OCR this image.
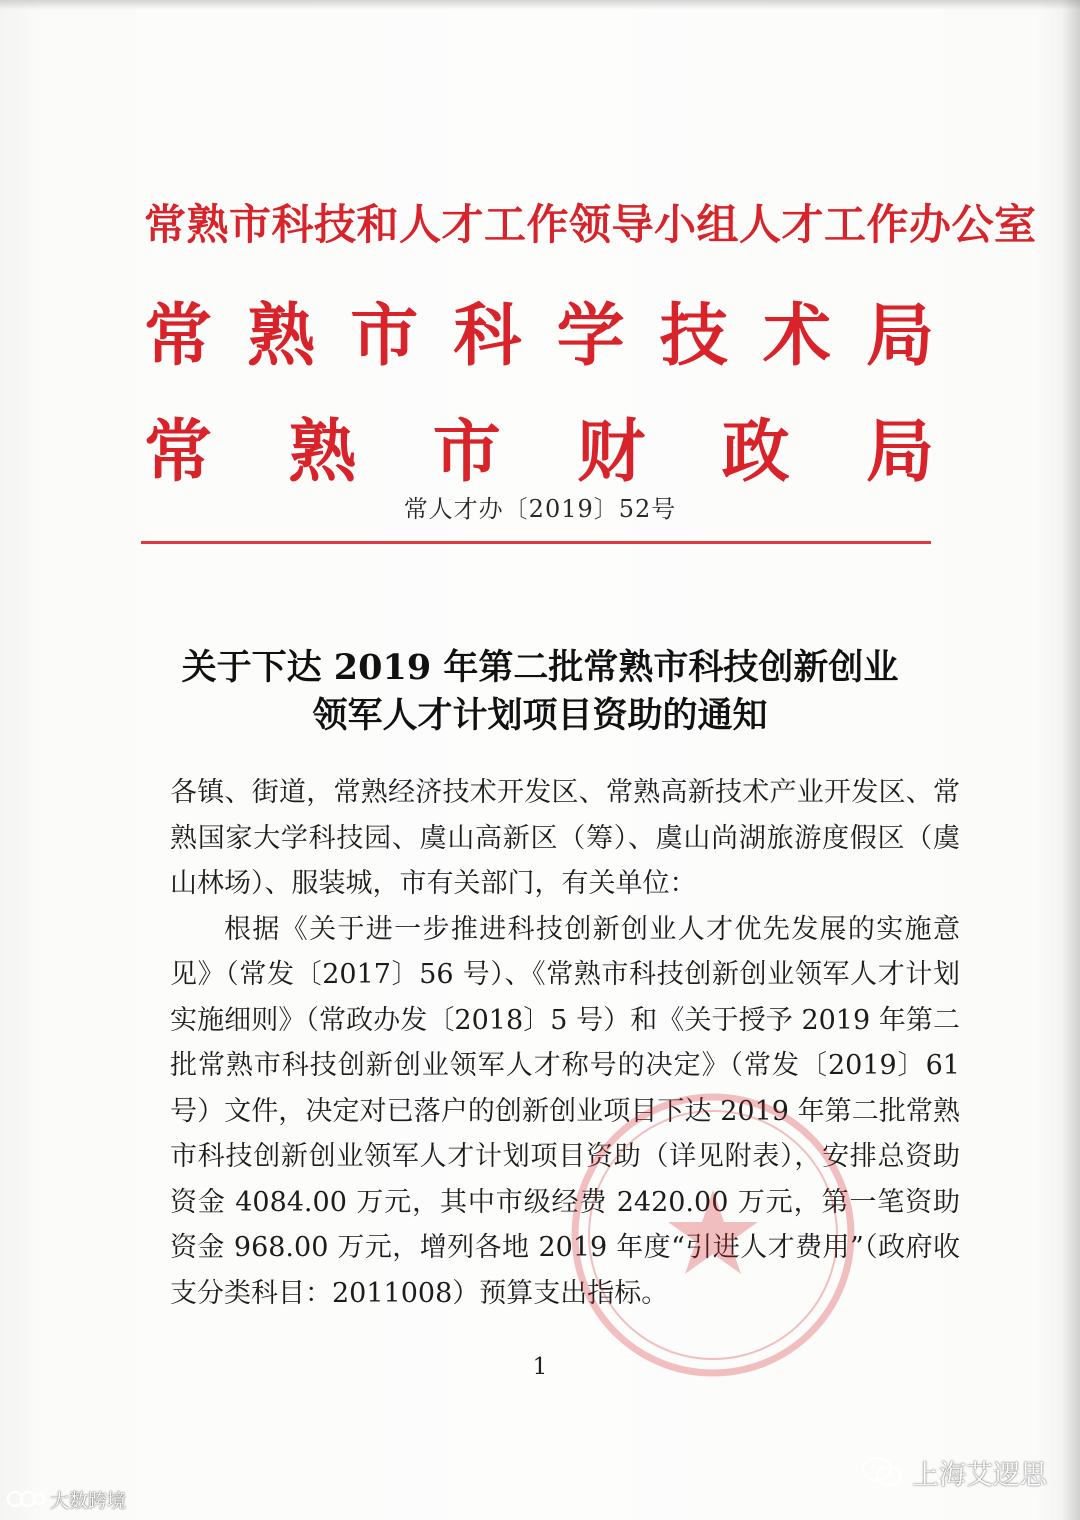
常熟市科技和人才工作领导小组人才工作办公室
常 熟 市 科 学 技 术 局
常 熟 市 财 政 局
常人才办〔2019〕52号
关于下达 2019 年第二批常熟市科技创新创业
领军人才计划项目资助的通知

各镇、街道，常熟经济技术开发区、常熟高新技术产业开发区、常熟国家大学科技园、虞山高新区（筹）、虞山尚湖旅游度假区（虞山林场）、服装城，市有关部门，有关单位：

根据《关于进一步推进科技创新创业人才优先发展的实施意见》（常发〔2017〕56 号）、《常熟市科技创新创业领军人才计划实施细则》（常政办发〔2018〕5 号）和《关于授予 2019 年第二批常熟市科技创新创业领军人才称号的决定》（常发〔2019〕61 号）文件，决定对已落户的创新创业项目下达 2019 年第二批常熟市科技创新创业领军人才计划项目资助（详见附表），安排总资助资金 4084.00 万元，其中市级经费 2420.00 万元，第一笔资助资金 968.00 万元，增列各地 2019 年度“引进人才费用”（政府收支分类科目：2011008）预算支出指标。

1
大数跨境
上海艾逻思
